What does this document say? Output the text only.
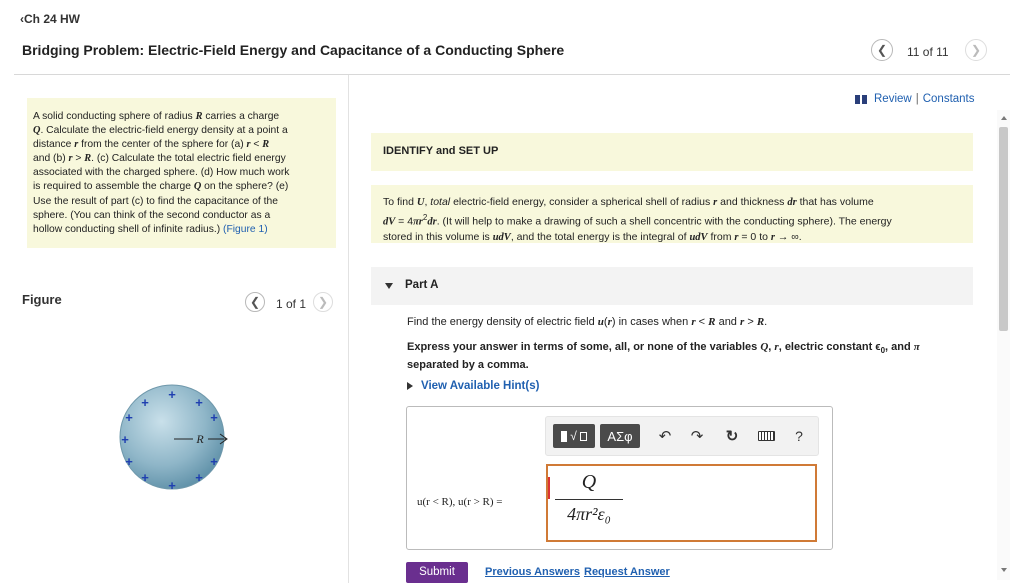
‹Ch 24 HW
Bridging Problem: Electric-Field Energy and Capacitance of a Conducting Sphere	❮ 11 of 11 ❯
A solid conducting sphere of radius R carries a charge
Q. Calculate the electric-field energy density at a point a
distance r from the center of the sphere for (a) r < R
and (b) r > R. (c) Calculate the total electric field energy
associated with the charged sphere. (d) How much work
is required to assemble the charge Q on the sphere? (e)
Use the result of part (c) to find the capacitance of the
sphere. (You can think of the second conductor as a
hollow conducting shell of infinite radius.) (Figure 1)
Figure	❮ 1 of 1 ❯
+
+
+
+	+
+
+	+
+
+
+
R
Review | Constants
IDENTIFY and SET UP
To find U, total electric-field energy, consider a spherical shell of radius r and thickness dr that has volume
dV = $4\pi r^2dr$. (It will help to make a drawing of such a shell concentric with the conducting sphere). The energy
stored in this volume is udV, and the total energy is the integral of udV from r = 0 to r → ∞.
Part A
Find the energy density of electric field u(r) in cases when r < R and r > R.
Express your answer in terms of some, all, or none of the variables Q, r, electric constant $\epsilon_0$, and π
separated by a comma.
View Available Hint(s)
√ ΑΣφ ↶ ↷ ↻	?
u(r < R), u(r > R) =
Q
4πr²ε₀
Submit	Previous Answers Request Answer
